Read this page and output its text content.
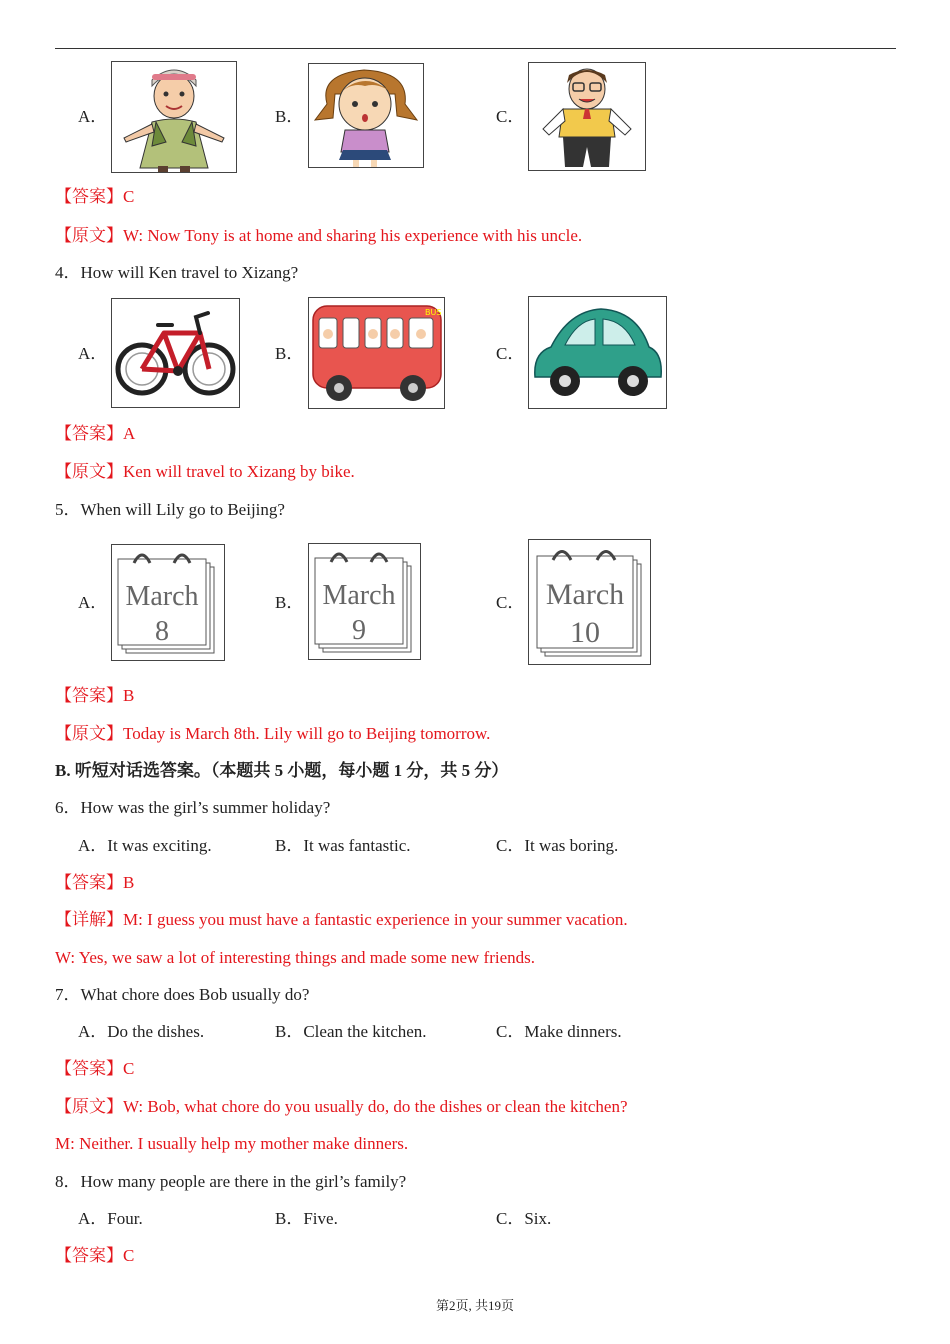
A．	B．	C．
【答案】C
【原文】W: Now Tony is at home and sharing his experience with his uncle.
4．How will Ken travel to Xizang?
A．	B．
BUS
C．
【答案】A
【原文】Ken will travel to Xizang by bike.
5．When will Lily go to Beijing?
A． March
8
B． March
9
C． March
10
【答案】B
【原文】Today is March 8th. Lily will go to Beijing tomorrow.
B. 听短对话选答案。（本题共 5 小题，每小题 1 分，共 5 分）
6．How was the girl’s summer holiday?
A．It was exciting.	B．It was fantastic.	C．It was boring.
【答案】B
【详解】M: I guess you must have a fantastic experience in your summer vacation.
W: Yes, we saw a lot of interesting things and made some new friends.
7．What chore does Bob usually do?
A．Do the dishes.	B．Clean the kitchen.	C．Make dinners.
【答案】C
【原文】W: Bob, what chore do you usually do, do the dishes or clean the kitchen?
M: Neither. I usually help my mother make dinners.
8．How many people are there in the girl’s family?
A．Four.	B．Five.	C．Six.
【答案】C
第2页, 共19页
